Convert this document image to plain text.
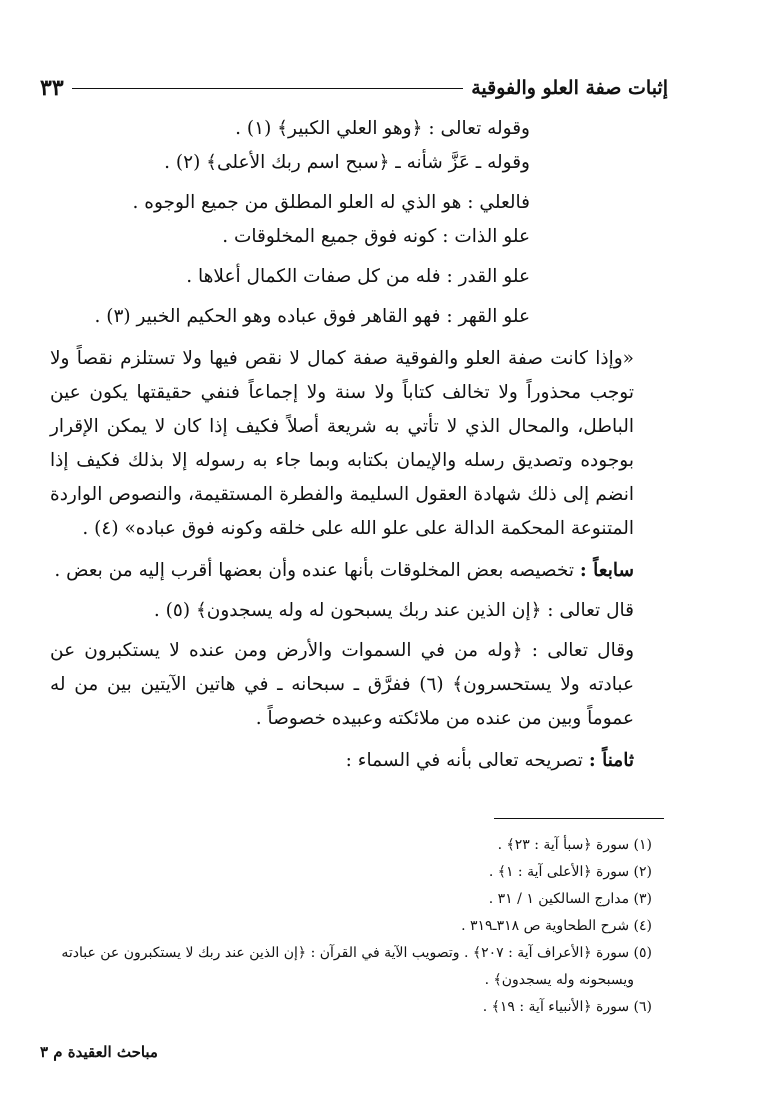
إثبات صفة العلو والفوقية
٣٣

وقوله تعالى : ﴿وهو العلي الكبير﴾ (١) .

وقوله ـ عَزَّ شأنه ـ ﴿سبح اسم ربك الأعلى﴾ (٢) .

فالعلي : هو الذي له العلو المطلق من جميع الوجوه .

علو الذات : كونه فوق جميع المخلوقات .

علو القدر : فله من كل صفات الكمال أعلاها .

علو القهر : فهو القاهر فوق عباده وهو الحكيم الخبير (٣) .

«وإذا كانت صفة العلو والفوقية صفة كمال لا نقص فيها ولا تستلزم نقصاً ولا توجب محذوراً ولا تخالف كتاباً ولا سنة ولا إجماعاً فنفي حقيقتها يكون عين الباطل، والمحال الذي لا تأتي به شريعة أصلاً فكيف إذا كان لا يمكن الإقرار بوجوده وتصديق رسله والإيمان بكتابه وبما جاء به رسوله إلا بذلك فكيف إذا انضم إلى ذلك شهادة العقول السليمة والفطرة المستقيمة، والنصوص الواردة المتنوعة المحكمة الدالة على علو الله على خلقه وكونه فوق عباده» (٤) .

سابعاً : تخصيصه بعض المخلوقات بأنها عنده وأن بعضها أقرب إليه من بعض .

قال تعالى : ﴿إن الذين عند ربك يسبحون له وله يسجدون﴾ (٥) .

وقال تعالى : ﴿وله من في السموات والأرض ومن عنده لا يستكبرون عن عبادته ولا يستحسرون﴾ (٦) ففرَّق ـ سبحانه ـ في هاتين الآيتين بين من له عموماً وبين من عنده من ملائكته وعبيده خصوصاً .

ثامناً : تصريحه تعالى بأنه في السماء :

(١) سورة ﴿سبأ آية : ٢٣﴾ .

(٢) سورة ﴿الأعلى آية : ١﴾ .

(٣) مدارج السالكين ١ / ٣١ .

(٤) شرح الطحاوية ص ٣١٨ـ٣١٩ .

(٥) سورة ﴿الأعراف آية : ٢٠٧﴾ . وتصويب الآية في القرآن : ﴿إن الذين عند ربك لا يستكبرون عن عبادته

ويسبحونه وله يسجدون﴾ .

(٦) سورة ﴿الأنبياء آية : ١٩﴾ .

مباحث العقيدة م ٣
